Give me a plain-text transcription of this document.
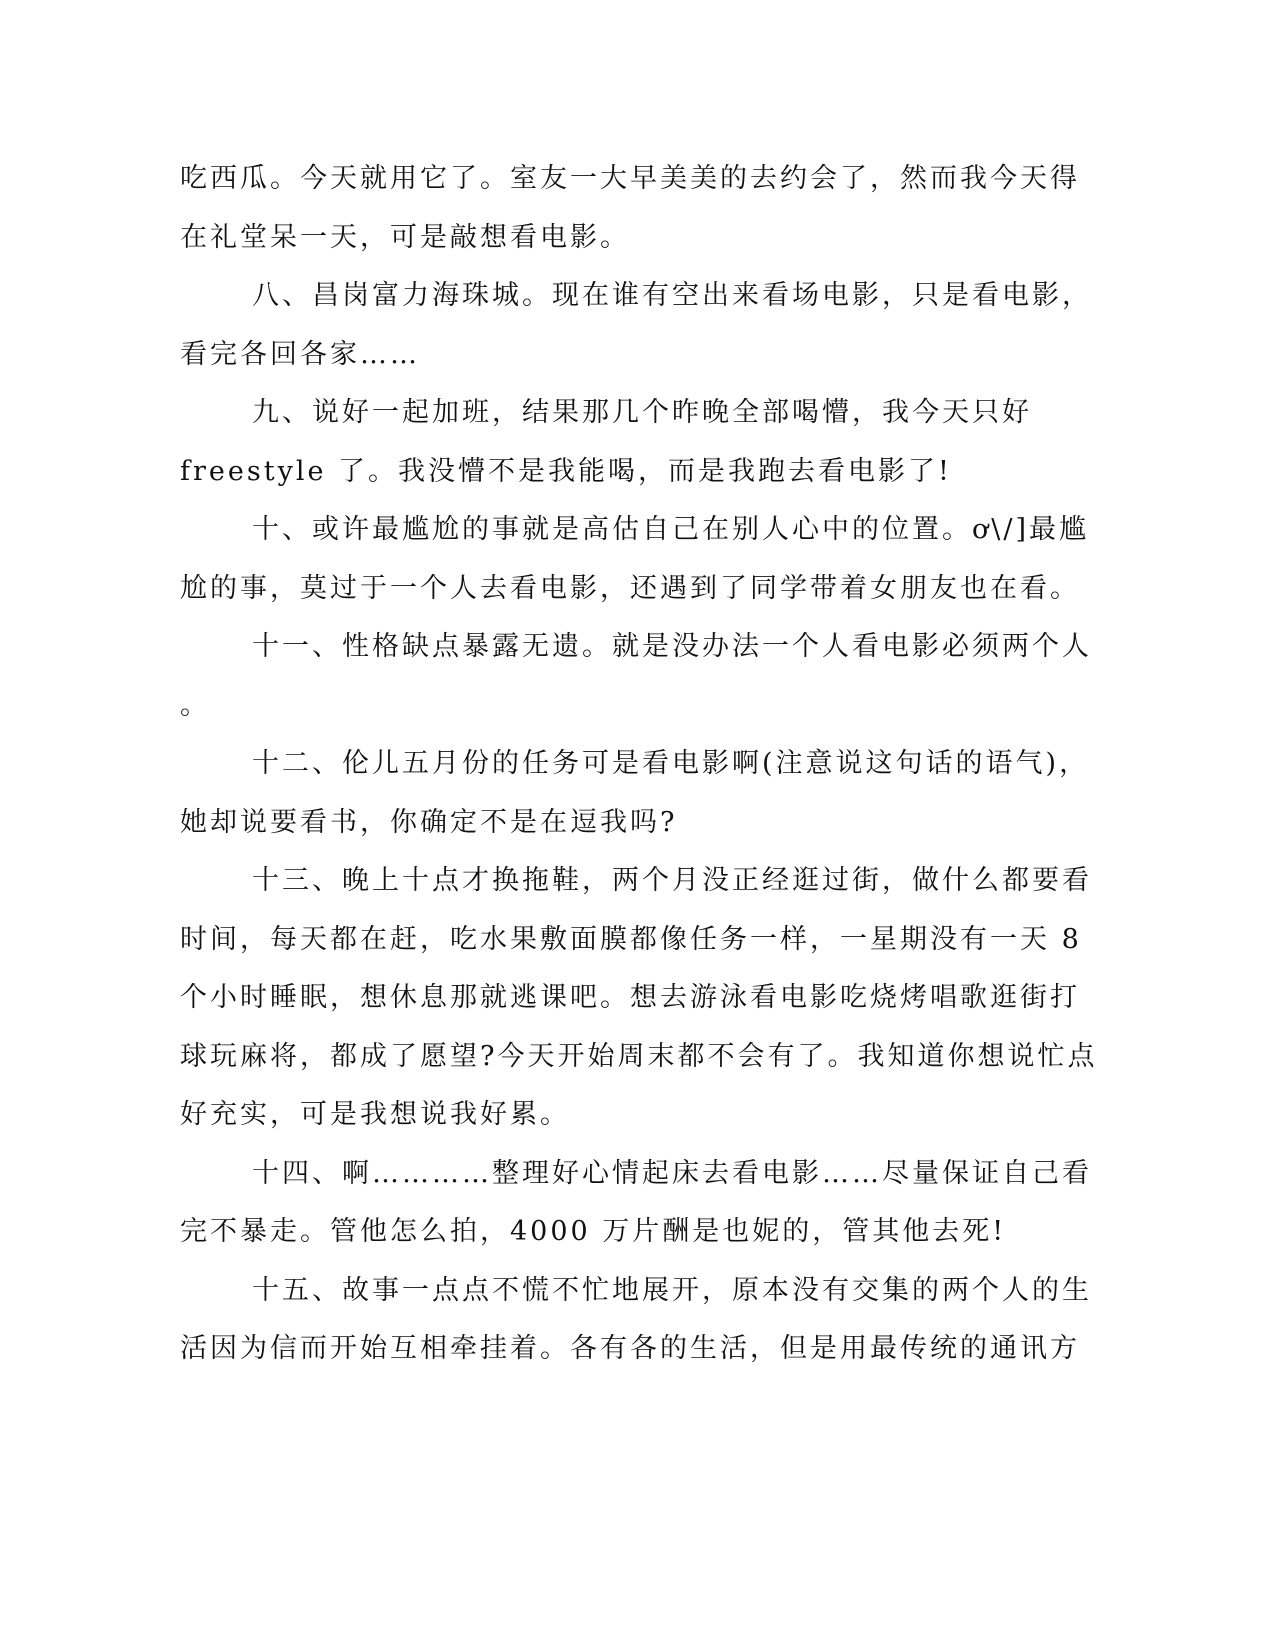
吃西瓜。今天就用它了。室友一大早美美的去约会了，然而我今天得
在礼堂呆一天，可是敲想看电影。
八、昌岗富力海珠城。现在谁有空出来看场电影，只是看电影，
看完各回各家……
九、说好一起加班，结果那几个昨晚全部喝懵，我今天只好
freestyle 了。我没懵不是我能喝，而是我跑去看电影了!
十、或许最尴尬的事就是高估自己在别人心中的位置。ơ\/]最尴
尬的事，莫过于一个人去看电影，还遇到了同学带着女朋友也在看。
十一、性格缺点暴露无遗。就是没办法一个人看电影必须两个人
。
十二、伦儿五月份的任务可是看电影啊(注意说这句话的语气)，
她却说要看书，你确定不是在逗我吗?
十三、晚上十点才换拖鞋，两个月没正经逛过街，做什么都要看
时间，每天都在赶，吃水果敷面膜都像任务一样，一星期没有一天 8
个小时睡眠，想休息那就逃课吧。想去游泳看电影吃烧烤唱歌逛街打
球玩麻将，都成了愿望?今天开始周末都不会有了。我知道你想说忙点
好充实，可是我想说我好累。
十四、啊…………整理好心情起床去看电影……尽量保证自己看
完不暴走。管他怎么拍，4000 万片酬是也妮的，管其他去死!
十五、故事一点点不慌不忙地展开，原本没有交集的两个人的生
活因为信而开始互相牵挂着。各有各的生活，但是用最传统的通讯方
